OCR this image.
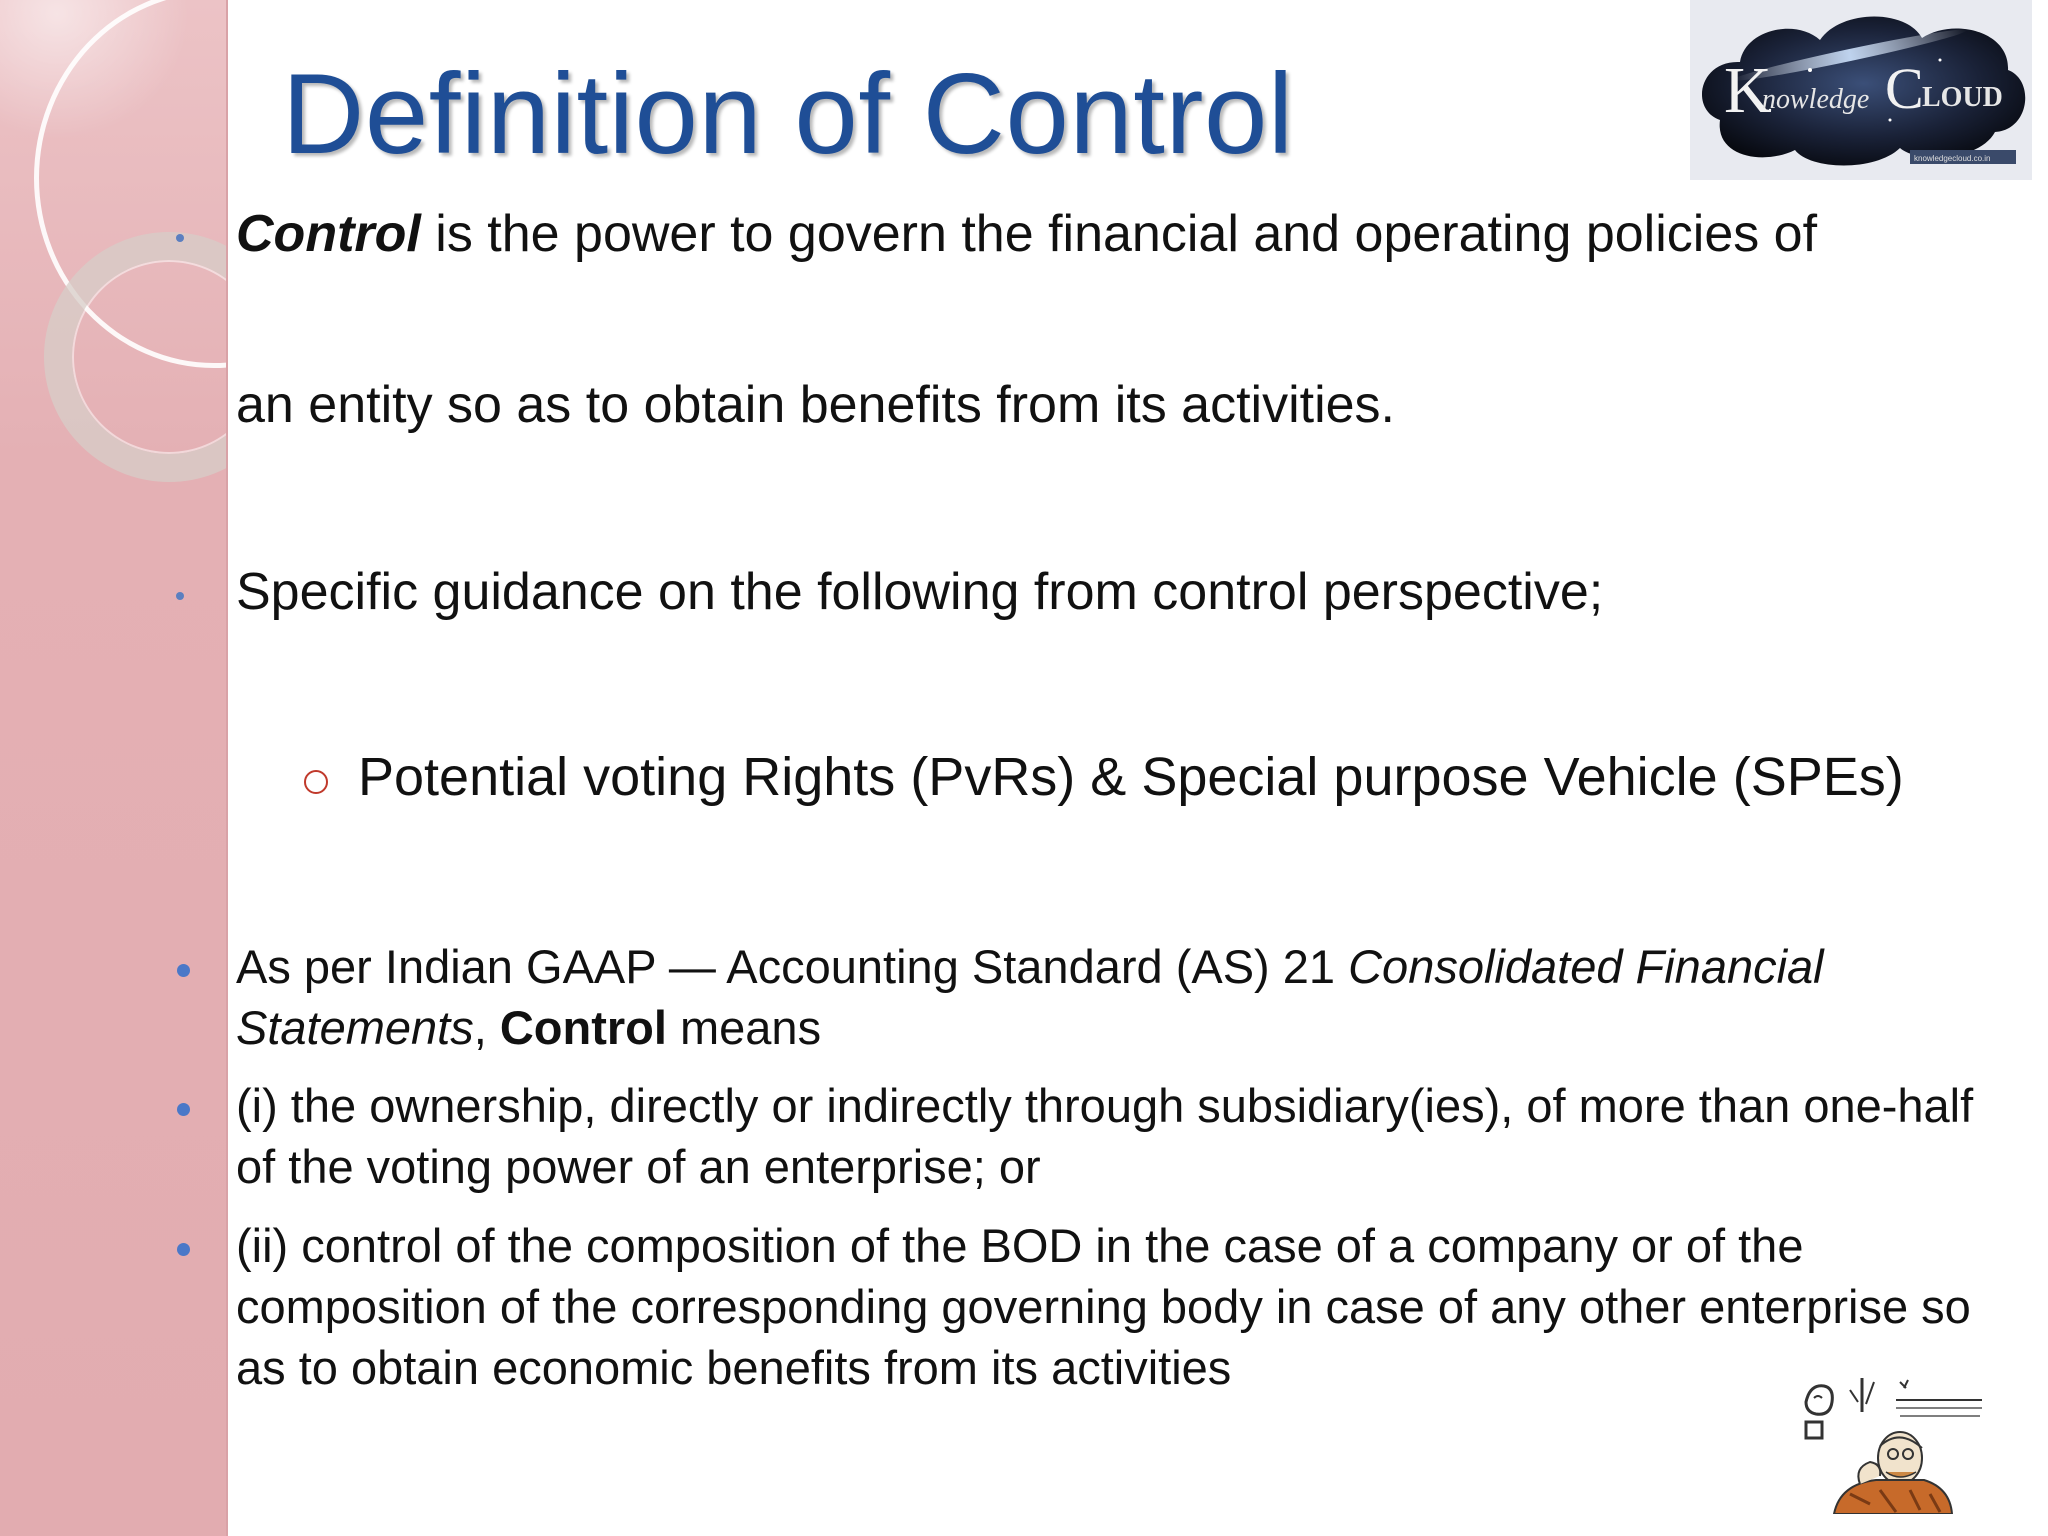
Definition of Control	K
nowledge C
LOUD
knowledgecloud.co.in

Control is the power to govern the financial and operating policies of

an entity so as to obtain benefits from its activities.

Specific guidance on the following from control perspective;

Potential voting Rights (PvRs) & Special purpose Vehicle (SPEs)

As per Indian GAAP — Accounting Standard (AS) 21 Consolidated Financial Statements, Control means

(i) the ownership, directly or indirectly through subsidiary(ies), of more than one-half of the voting power of an enterprise; or

(ii) control of the composition of the BOD in the case of a company or of the composition of the corresponding governing body in case of any other enterprise so as to obtain economic benefits from its activities
